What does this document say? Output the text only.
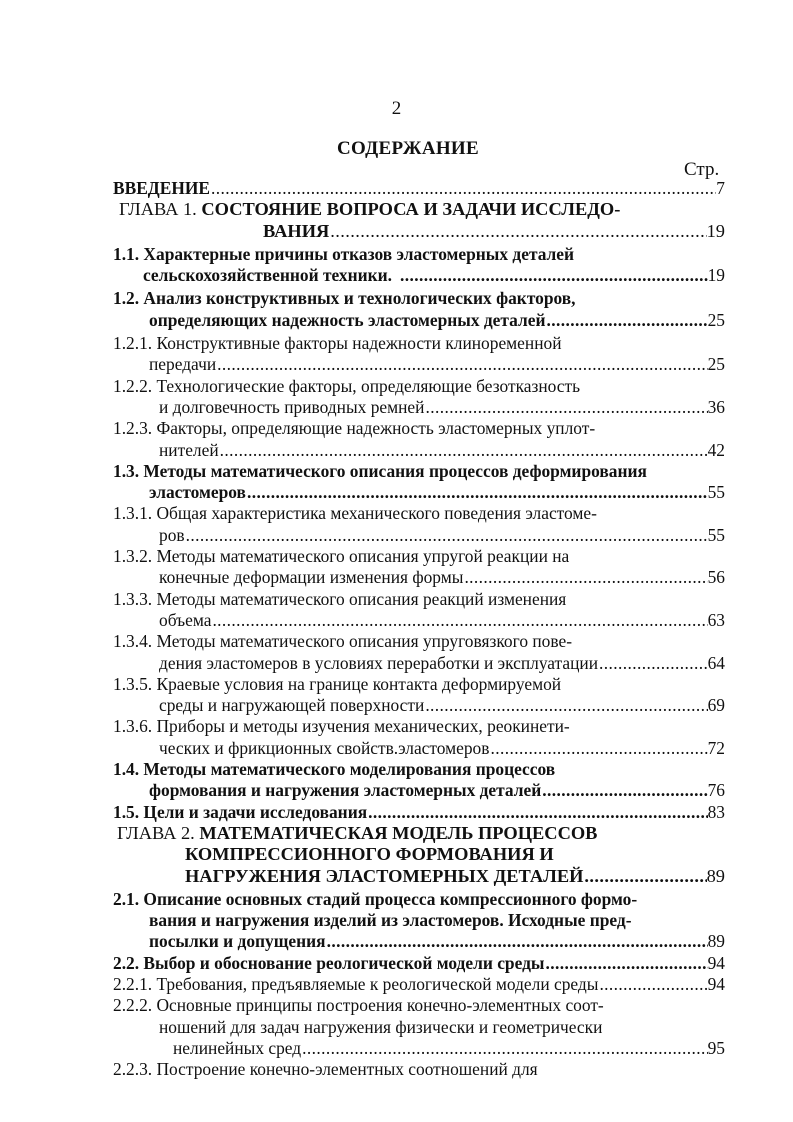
2
СОДЕРЖАНИЕ
Стр.
ВВЕДЕНИЕ .....	7
ГЛАВА 1. СОСТОЯНИЕ ВОПРОСА И ЗАДАЧИ ИССЛЕДО-
ВАНИЯ .....	19
1.1. Характерные причины отказов эластомерных деталей
сельскохозяйственной техники. .....	19
1.2. Анализ конструктивных и технологических факторов,
определяющих надежность эластомерных деталей .....	25
1.2.1. Конструктивные факторы надежности клиноременной
передачи .....	25
1.2.2. Технологические факторы, определяющие безотказность
и долговечность приводных ремней .....	36
1.2.3. Факторы, определяющие надежность эластомерных уплот-
нителей .....	42
1.3. Методы математического описания процессов деформирования
эластомеров .....	55
1.3.1. Общая характеристика механического поведения эластоме-
ров .....	55
1.3.2. Методы математического описания упругой реакции на
конечные деформации изменения формы .....	56
1.3.3. Методы математического описания реакций изменения
объема .....	63
1.3.4. Методы математического описания упруговязкого пове-
дения эластомеров в условиях переработки и эксплуатации .....	64
1.3.5. Краевые условия на границе контакта деформируемой
среды и нагружающей поверхности .....	69
1.3.6. Приборы и методы изучения механических, реокинети-
ческих и фрикционных свойств.эластомеров .....	72
1.4. Методы математического моделирования процессов
формования и нагружения эластомерных деталей .....	76
1.5. Цели и задачи исследования .....	83
ГЛАВА 2. МАТЕМАТИЧЕСКАЯ МОДЕЛЬ ПРОЦЕССОВ
КОМПРЕССИОННОГО ФОРМОВАНИЯ И
НАГРУЖЕНИЯ ЭЛАСТОМЕРНЫХ ДЕТАЛЕЙ .....	89
2.1. Описание основных стадий процесса компрессионного формо-
вания и нагружения изделий из эластомеров. Исходные пред-
посылки и допущения .....	89
2.2. Выбор и обоснование реологической модели среды .....	94
2.2.1. Требования, предъявляемые к реологической модели среды .....	94
2.2.2. Основные принципы построения конечно-элементных соот-
ношений для задач нагружения физически и геометрически
нелинейных сред .....	95
2.2.3. Построение конечно-элементных соотношений для
